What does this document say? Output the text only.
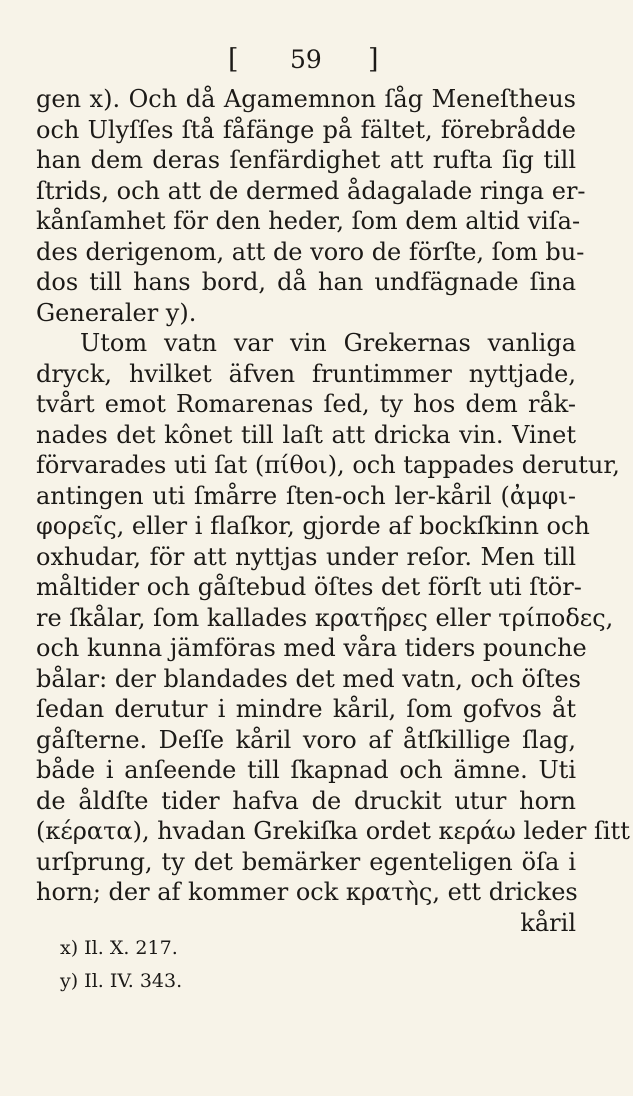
[ 59 ]
gen x). Och då Agamemnon ſåg Meneſtheus
och Ulyſſes ſtå fåfänge på fältet, förebrådde
han dem deras ſenfärdighet att rufta ſig till
ſtrids, och att de dermed ådagalade ringa er-
kånſamhet för den heder, ſom dem altid viſa-
des derigenom, att de voro de förſte, ſom bu-
dos till hans bord, då han undfägnade ſina
Generaler y).
Utom vatn var vin Grekernas vanliga
dryck, hvilket äfven fruntimmer nyttjade,
tvårt emot Romarenas ſed, ty hos dem råk-
nades det kônet till laſt att dricka vin. Vinet
förvarades uti ſat (πίθοι), och tappades derutur,
antingen uti ſmårre ſten-och ler-kåril (ἀμφι-
φορεῖς, eller i flaſkor, gjorde af bockſkinn och
oxhudar, för att nyttjas under reſor. Men till
måltider och gåſtebud öſtes det förſt uti ſtör-
re ſkålar, ſom kallades κρατῆρες eller τρίποδες,
och kunna jämföras med våra tiders pounche
bålar: der blandades det med vatn, och öſtes
ſedan derutur i mindre kåril, ſom gofvos åt
gåſterne. Deſſe kåril voro af åtſkillige ſlag,
både i anſeende till ſkapnad och ämne. Uti
de åldſte tider hafva de druckit utur horn
(κέρατα), hvadan Grekiſka ordet κεράω leder ſitt
urſprung, ty det bemärker egenteligen öſa i
horn; der af kommer ock κρατὴς, ett drickes
kåril
x) Il. X. 217.
y) Il. IV. 343.
